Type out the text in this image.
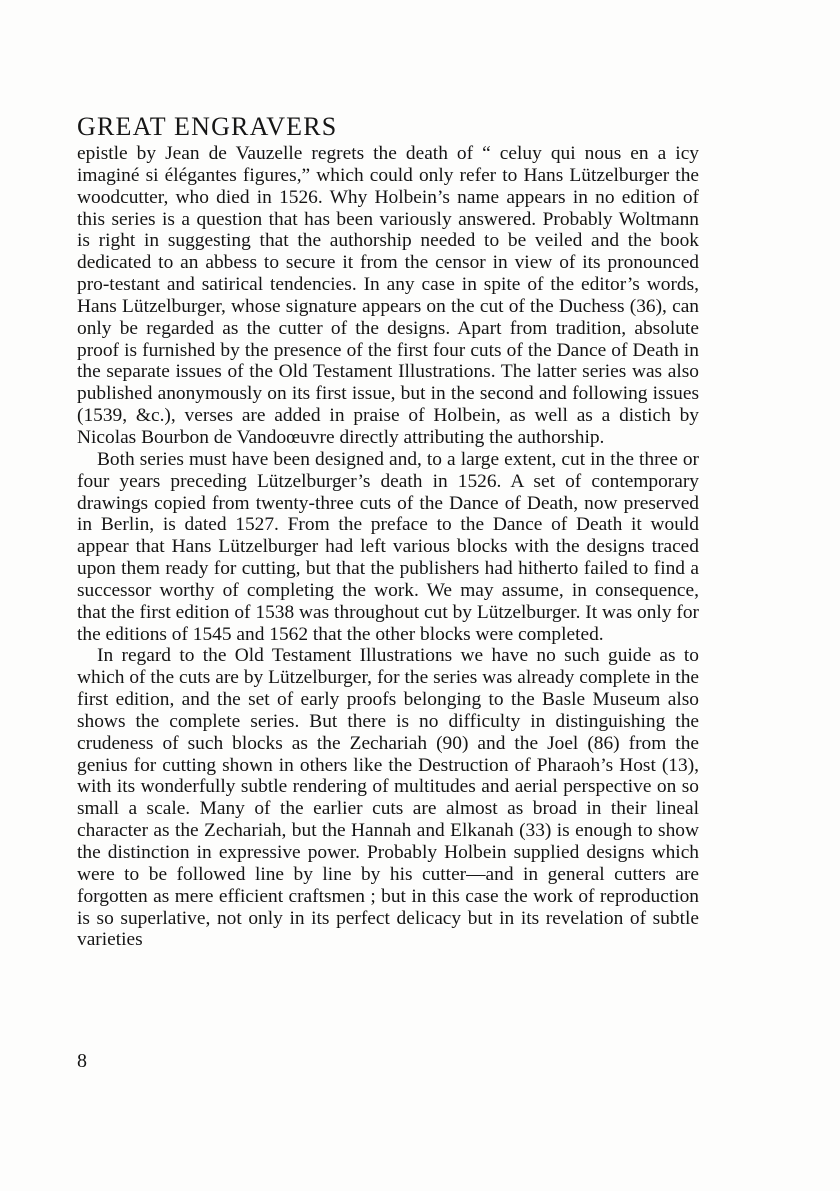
GREAT ENGRAVERS

epistle by Jean de Vauzelle regrets the death of “ celuy qui nous en a icy imaginé si élégantes figures,” which could only refer to Hans Lützelburger the woodcutter, who died in 1526. Why Holbein’s name appears in no edition of this series is a question that has been variously answered. Probably Woltmann is right in suggesting that the authorship needed to be veiled and the book dedicated to an abbess to secure it from the censor in view of its pronounced pro-testant and satirical tendencies. In any case in spite of the editor’s words, Hans Lützelburger, whose signature appears on the cut of the Duchess (36), can only be regarded as the cutter of the designs. Apart from tradition, absolute proof is furnished by the presence of the first four cuts of the Dance of Death in the separate issues of the Old Testament Illustrations. The latter series was also published anonymously on its first issue, but in the second and following issues (1539, &c.), verses are added in praise of Holbein, as well as a distich by Nicolas Bourbon de Vandoœuvre directly attributing the authorship.

Both series must have been designed and, to a large extent, cut in the three or four years preceding Lützelburger’s death in 1526. A set of contemporary drawings copied from twenty-three cuts of the Dance of Death, now preserved in Berlin, is dated 1527. From the preface to the Dance of Death it would appear that Hans Lützelburger had left various blocks with the designs traced upon them ready for cutting, but that the publishers had hitherto failed to find a successor worthy of completing the work. We may assume, in consequence, that the first edition of 1538 was throughout cut by Lützelburger. It was only for the editions of 1545 and 1562 that the other blocks were completed.

In regard to the Old Testament Illustrations we have no such guide as to which of the cuts are by Lützelburger, for the series was already complete in the first edition, and the set of early proofs belonging to the Basle Museum also shows the complete series. But there is no difficulty in distinguishing the crudeness of such blocks as the Zechariah (90) and the Joel (86) from the genius for cutting shown in others like the Destruction of Pharaoh’s Host (13), with its wonderfully subtle rendering of multitudes and aerial perspective on so small a scale. Many of the earlier cuts are almost as broad in their lineal character as the Zechariah, but the Hannah and Elkanah (33) is enough to show the distinction in expressive power. Probably Holbein supplied designs which were to be followed line by line by his cutter—and in general cutters are forgotten as mere efficient craftsmen ; but in this case the work of reproduction is so superlative, not only in its perfect delicacy but in its revelation of subtle varieties

8
